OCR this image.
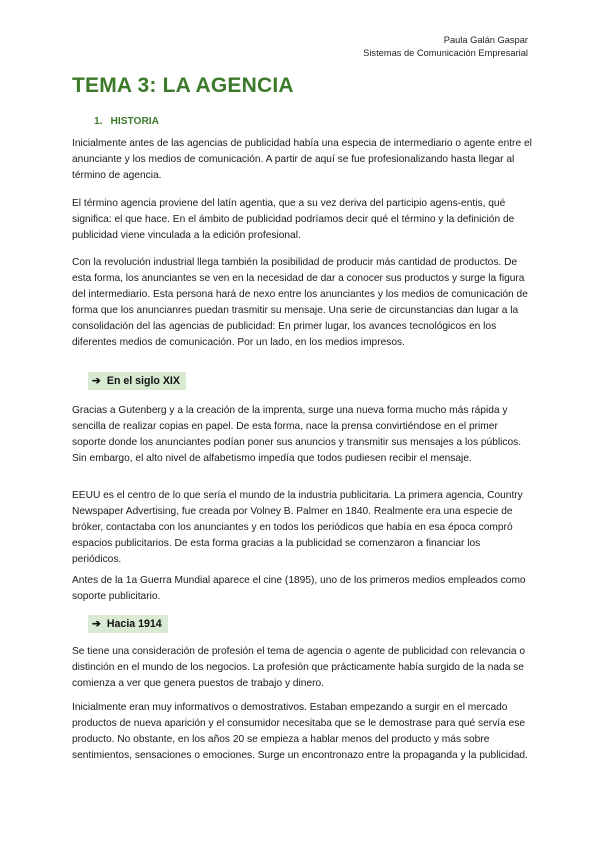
Paula Galán Gaspar
Sistemas de Comunicación Empresarial
TEMA 3: LA AGENCIA
1. HISTORIA

Inicialmente antes de las agencias de publicidad había una especia de intermediario o agente entre el anunciante y los medios de comunicación. A partir de aquí se fue profesionalizando hasta llegar al término de agencia.

El término agencia proviene del latín agentia, que a su vez deriva del participio agens-entis, qué significa: el que hace. En el ámbito de publicidad podríamos decir qué el término y la definición de publicidad viene vinculada a la edición profesional.

Con la revolución industrial llega también la posibilidad de producir más cantidad de productos. De esta forma, los anunciantes se ven en la necesidad de dar a conocer sus productos y surge la figura del intermediario. Esta persona hará de nexo entre los anunciantes y los medios de comunicación de forma que los anuncianres puedan trasmitir su mensaje. Una serie de circunstancias dan lugar a la consolidación del las agencias de publicidad: En primer lugar, los avances tecnológicos en los diferentes medios de comunicación. Por un lado, en los medios impresos.

➔ En el siglo XIX

Gracias a Gutenberg y a la creación de la imprenta, surge una nueva forma mucho más rápida y sencilla de realizar copias en papel. De esta forma, nace la prensa convirtiéndose en el primer soporte donde los anunciantes podían poner sus anuncios y transmitir sus mensajes a los públicos. Sin embargo, el alto nivel de alfabetismo impedía que todos pudiesen recibir el mensaje.

EEUU es el centro de lo que sería el mundo de la industria publicitaria. La primera agencia, Country Newspaper Advertising, fue creada por Volney B. Palmer en 1840. Realmente era una especie de bróker, contactaba con los anunciantes y en todos los periódicos que había en esa época compró espacios publicitarios. De esta forma gracias a la publicidad se comenzaron a financiar los periódicos.

Antes de la 1a Guerra Mundial aparece el cine (1895), uno de los primeros medios empleados como soporte publicitario.

➔ Hacia 1914

Se tiene una consideración de profesión el tema de agencia o agente de publicidad con relevancia o distinción en el mundo de los negocios. La profesión que prácticamente había surgido de la nada se comienza a ver que genera puestos de trabajo y dinero.

Inicialmente eran muy informativos o demostrativos. Estaban empezando a surgir en el mercado productos de nueva aparición y el consumidor necesitaba que se le demostrase para qué servía ese producto. No obstante, en los años 20 se empieza a hablar menos del producto y más sobre sentimientos, sensaciones o emociones. Surge un encontronazo entre la propaganda y la publicidad.
